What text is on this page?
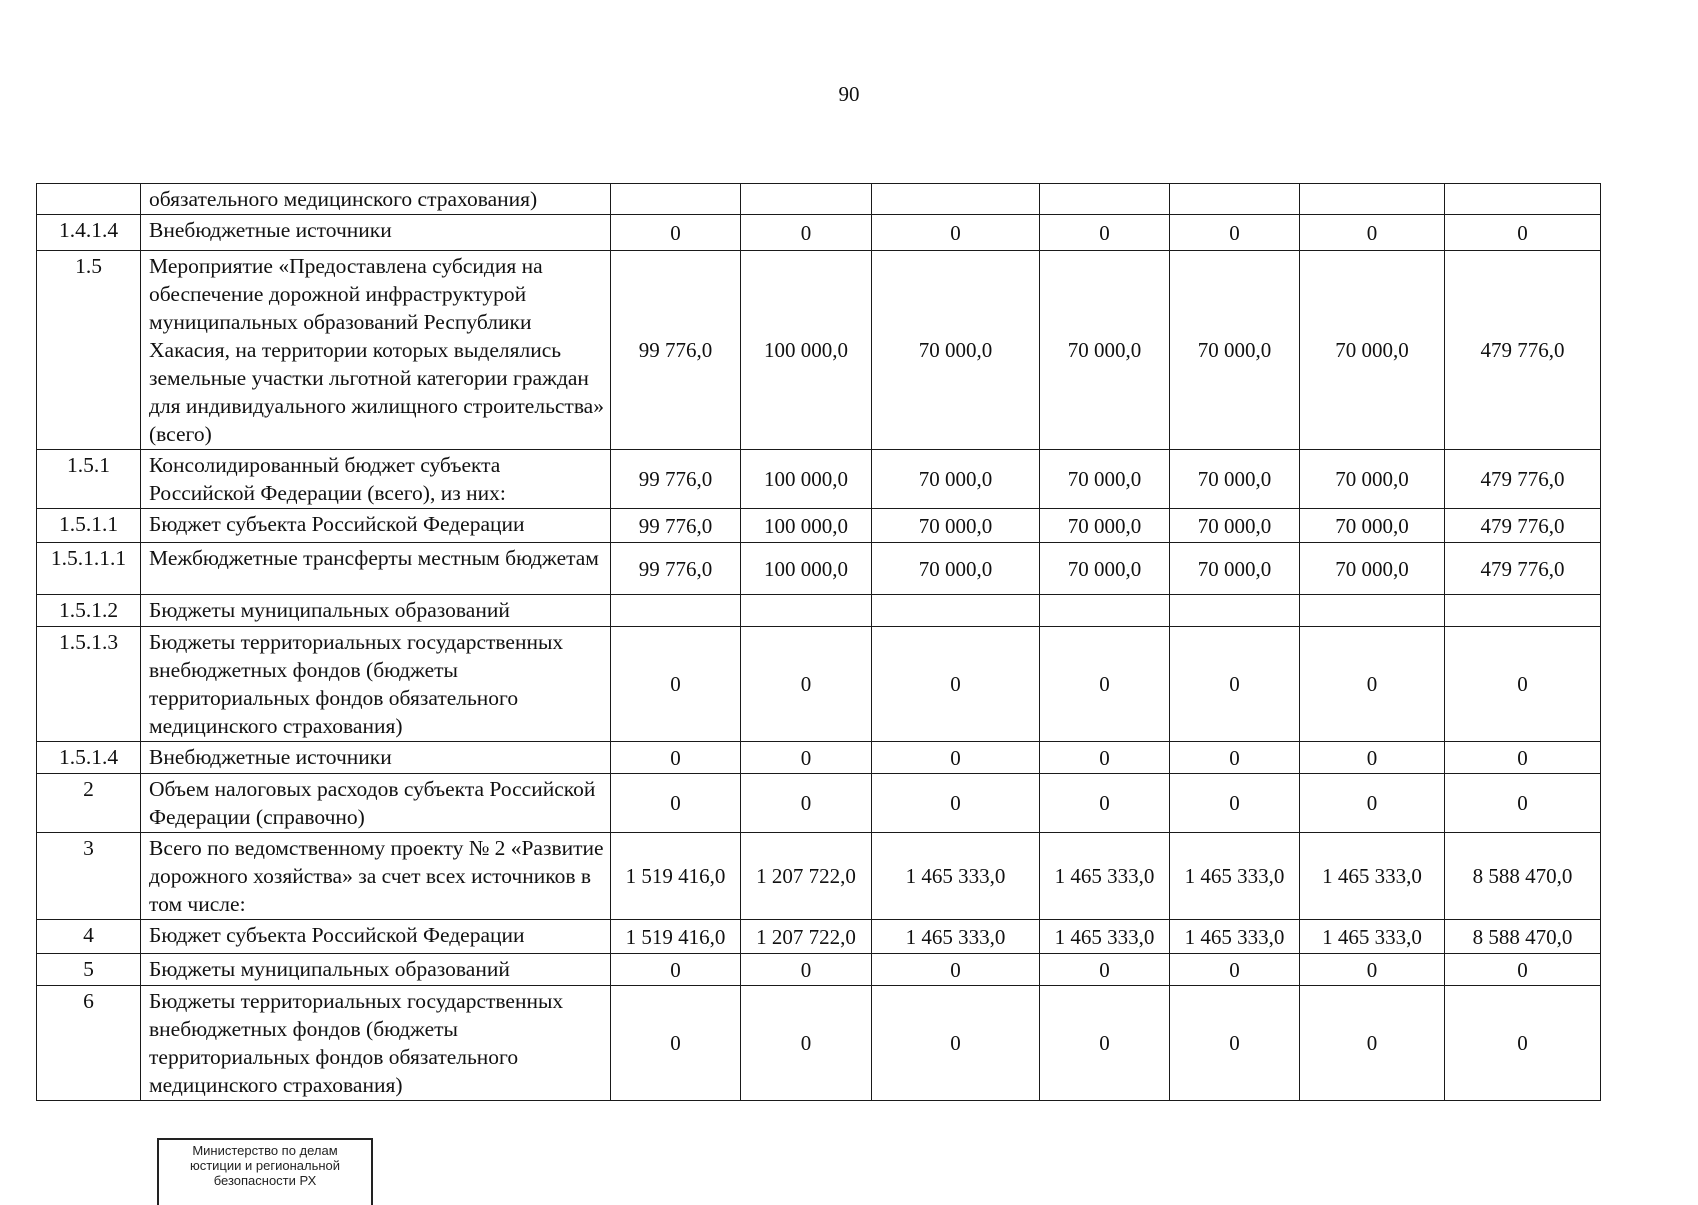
90
	обязательного медицинского страхования)							
1.4.1.4	Внебюджетные источники	0	0	0	0	0	0	0
1.5	Мероприятие «Предоставлена субсидия на обеспечение дорожной инфраструктурой муниципальных образований Республики Хакасия, на территории которых выделялись земельные участки льготной категории граждан для индивидуального жилищного строительства» (всего)	99 776,0	100 000,0	70 000,0	70 000,0	70 000,0	70 000,0	479 776,0
1.5.1	Консолидированный бюджет субъекта Российской Федерации (всего), из них:	99 776,0	100 000,0	70 000,0	70 000,0	70 000,0	70 000,0	479 776,0
1.5.1.1	Бюджет субъекта Российской Федерации	99 776,0	100 000,0	70 000,0	70 000,0	70 000,0	70 000,0	479 776,0
1.5.1.1.1	Межбюджетные трансферты местным бюджетам	99 776,0	100 000,0	70 000,0	70 000,0	70 000,0	70 000,0	479 776,0
1.5.1.2	Бюджеты муниципальных образований							
1.5.1.3	Бюджеты территориальных государственных внебюджетных фондов (бюджеты территориальных фондов обязательного медицинского страхования)	0	0	0	0	0	0	0
1.5.1.4	Внебюджетные источники	0	0	0	0	0	0	0
2	Объем налоговых расходов субъекта Российской Федерации (справочно)	0	0	0	0	0	0	0
3	Всего по ведомственному проекту № 2 «Развитие дорожного хозяйства» за счет всех источников в том числе:	1 519 416,0	1 207 722,0	1 465 333,0	1 465 333,0	1 465 333,0	1 465 333,0	8 588 470,0
4	Бюджет субъекта Российской Федерации	1 519 416,0	1 207 722,0	1 465 333,0	1 465 333,0	1 465 333,0	1 465 333,0	8 588 470,0
5	Бюджеты муниципальных образований	0	0	0	0	0	0	0
6	Бюджеты территориальных государственных внебюджетных фондов (бюджеты территориальных фондов обязательного медицинского страхования)	0	0	0	0	0	0	0
Министерство по делам
юстиции и региональной
безопасности РХ
